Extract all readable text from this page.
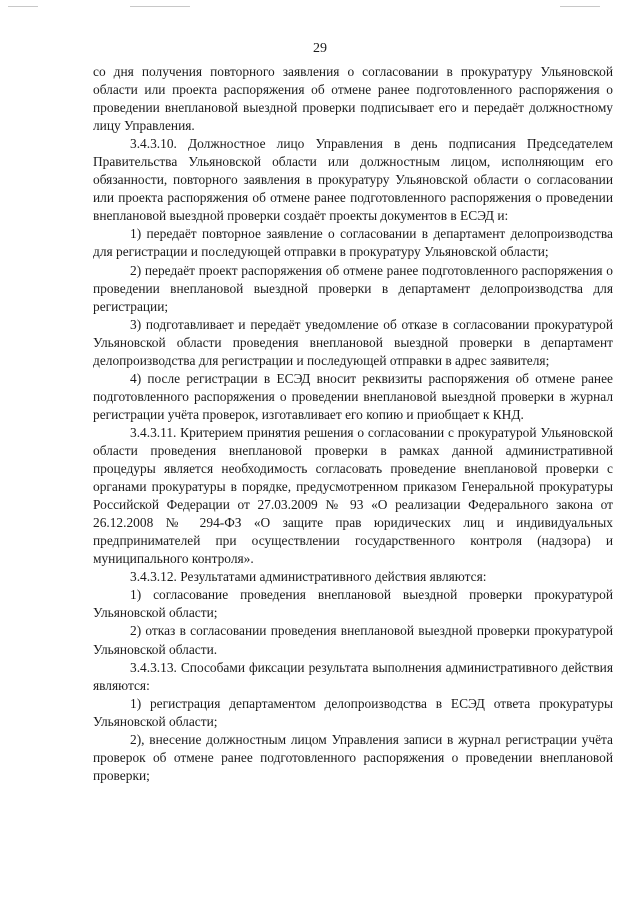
29
со дня получения повторного заявления о согласовании в прокуратуру Ульяновской области или проекта распоряжения об отмене ранее подготовленного распоряжения о проведении внеплановой выездной проверки подписывает его и передаёт должностному лицу Управления.
3.4.3.10. Должностное лицо Управления в день подписания Председателем Правительства Ульяновской области или должностным лицом, исполняющим его обязанности, повторного заявления в прокуратуру Ульяновской области о согласовании или проекта распоряжения об отмене ранее подготовленного распоряжения о проведении внеплановой выездной проверки создаёт проекты документов в ЕСЭД и:
1) передаёт повторное заявление о согласовании в департамент делопроизводства для регистрации и последующей отправки в прокуратуру Ульяновской области;
2) передаёт проект распоряжения об отмене ранее подготовленного распоряжения о проведении внеплановой выездной проверки в департамент делопроизводства для регистрации;
3) подготавливает и передаёт уведомление об отказе в согласовании прокуратурой Ульяновской области проведения внеплановой выездной проверки в департамент делопроизводства для регистрации и последующей отправки в адрес заявителя;
4) после регистрации в ЕСЭД вносит реквизиты распоряжения об отмене ранее подготовленного распоряжения о проведении внеплановой выездной проверки в журнал регистрации учёта проверок, изготавливает его копию и приобщает к КНД.
3.4.3.11. Критерием принятия решения о согласовании с прокуратурой Ульяновской области проведения внеплановой проверки в рамках данной административной процедуры является необходимость согласовать проведение внеплановой проверки с органами прокуратуры в порядке, предусмотренном приказом Генеральной прокуратуры Российской Федерации от 27.03.2009 № 93 «О реализации Федерального закона от 26.12.2008 № 294-ФЗ «О защите прав юридических лиц и индивидуальных предпринимателей при осуществлении государственного контроля (надзора) и муниципального контроля».
3.4.3.12. Результатами административного действия являются:
1) согласование проведения внеплановой выездной проверки прокуратурой Ульяновской области;
2) отказ в согласовании проведения внеплановой выездной проверки прокуратурой Ульяновской области.
3.4.3.13. Способами фиксации результата выполнения административного действия являются:
1) регистрация департаментом делопроизводства в ЕСЭД ответа прокуратуры Ульяновской области;
2), внесение должностным лицом Управления записи в журнал регистрации учёта проверок об отмене ранее подготовленного распоряжения о проведении внеплановой проверки;
